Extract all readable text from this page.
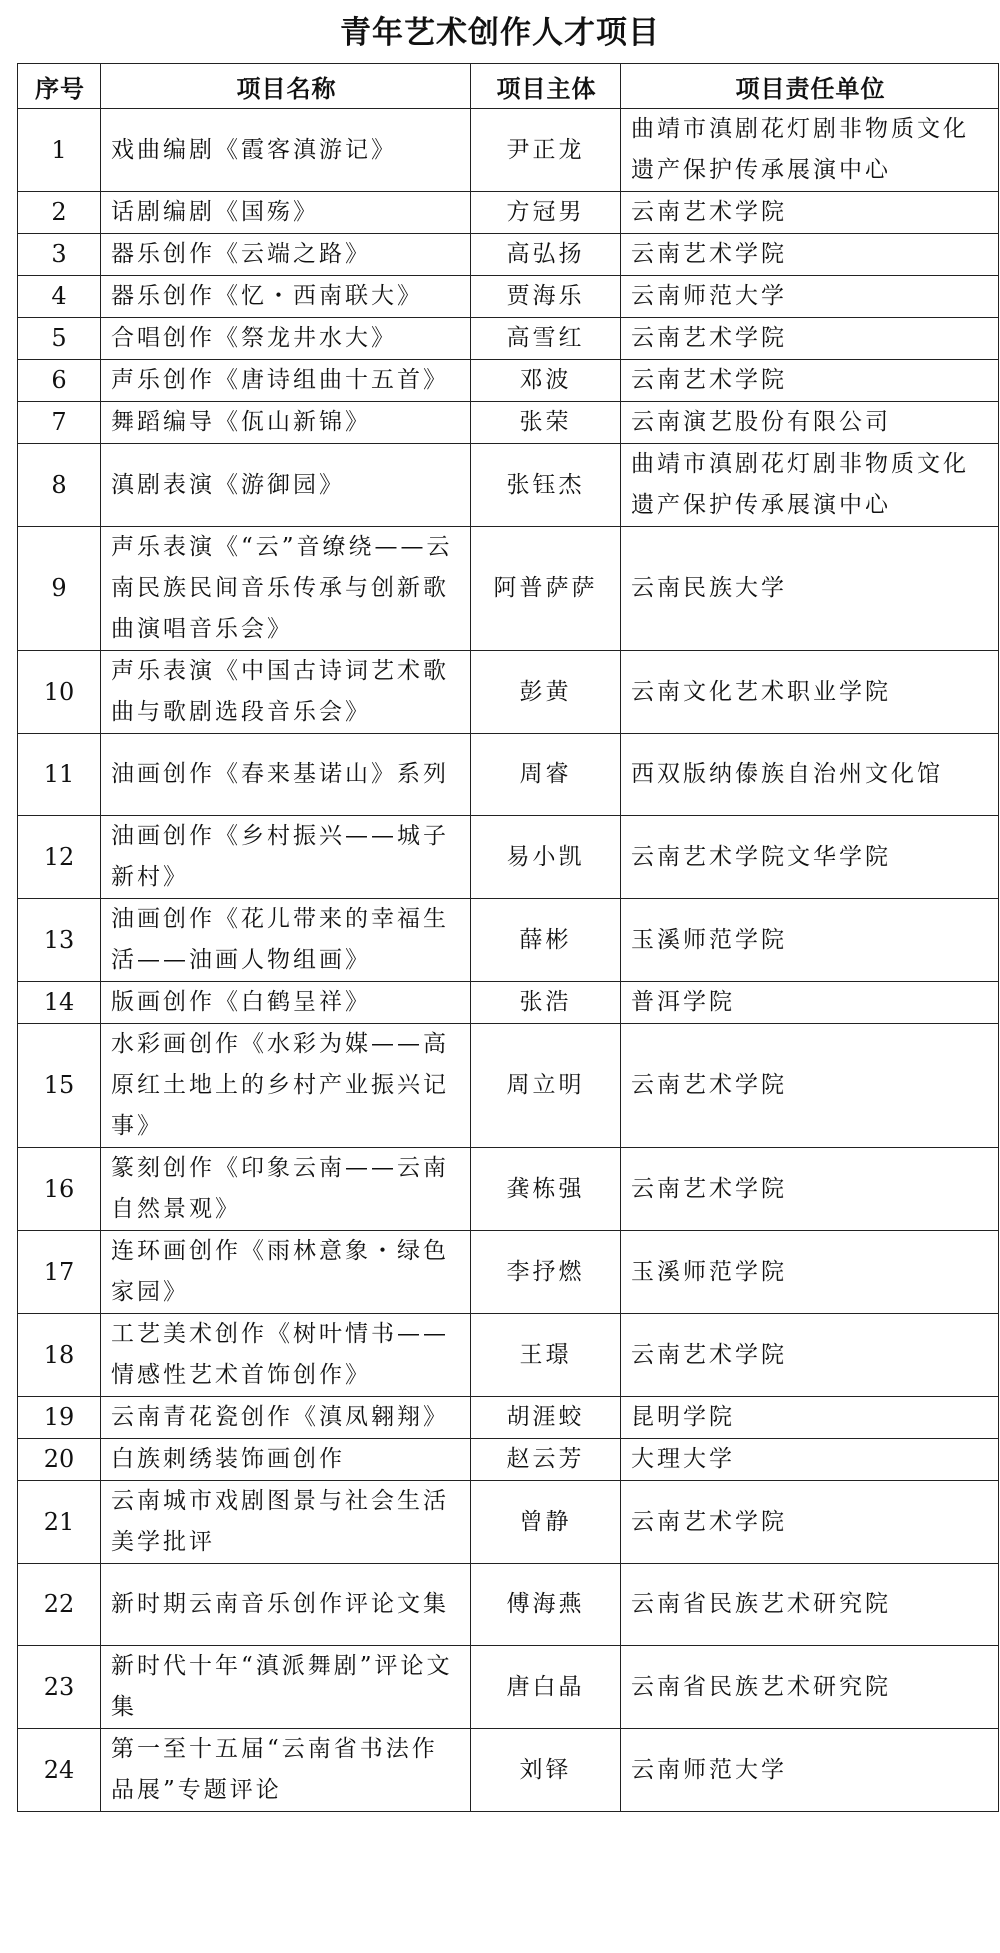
青年艺术创作人才项目
序号	项目名称	项目主体	项目责任单位
1	戏曲编剧《霞客滇游记》	尹正龙	曲靖市滇剧花灯剧非物质文化遗产保护传承展演中心
2	话剧编剧《国殇》	方冠男	云南艺术学院
3	器乐创作《云端之路》	高弘扬	云南艺术学院
4	器乐创作《忆・西南联大》	贾海乐	云南师范大学
5	合唱创作《祭龙井水大》	高雪红	云南艺术学院
6	声乐创作《唐诗组曲十五首》	邓波	云南艺术学院
7	舞蹈编导《佤山新锦》	张荣	云南演艺股份有限公司
8	滇剧表演《游御园》	张钰杰	曲靖市滇剧花灯剧非物质文化遗产保护传承展演中心
9	声乐表演《“云”音缭绕——云南民族民间音乐传承与创新歌曲演唱音乐会》	阿普萨萨	云南民族大学
10	声乐表演《中国古诗词艺术歌曲与歌剧选段音乐会》	彭黄	云南文化艺术职业学院
11	油画创作《春来基诺山》系列	周睿	西双版纳傣族自治州文化馆
12	油画创作《乡村振兴——城子新村》	易小凯	云南艺术学院文华学院
13	油画创作《花儿带来的幸福生活——油画人物组画》	薛彬	玉溪师范学院
14	版画创作《白鹤呈祥》	张浩	普洱学院
15	水彩画创作《水彩为媒——高原红土地上的乡村产业振兴记事》	周立明	云南艺术学院
16	篆刻创作《印象云南——云南自然景观》	龚栋强	云南艺术学院
17	连环画创作《雨林意象・绿色家园》	李抒燃	玉溪师范学院
18	工艺美术创作《树叶情书——情感性艺术首饰创作》	王璟	云南艺术学院
19	云南青花瓷创作《滇凤翱翔》	胡涯蛟	昆明学院
20	白族刺绣装饰画创作	赵云芳	大理大学
21	云南城市戏剧图景与社会生活美学批评	曾静	云南艺术学院
22	新时期云南音乐创作评论文集	傅海燕	云南省民族艺术研究院
23	新时代十年“滇派舞剧”评论文集	唐白晶	云南省民族艺术研究院
24	第一至十五届“云南省书法作品展”专题评论	刘铎	云南师范大学
